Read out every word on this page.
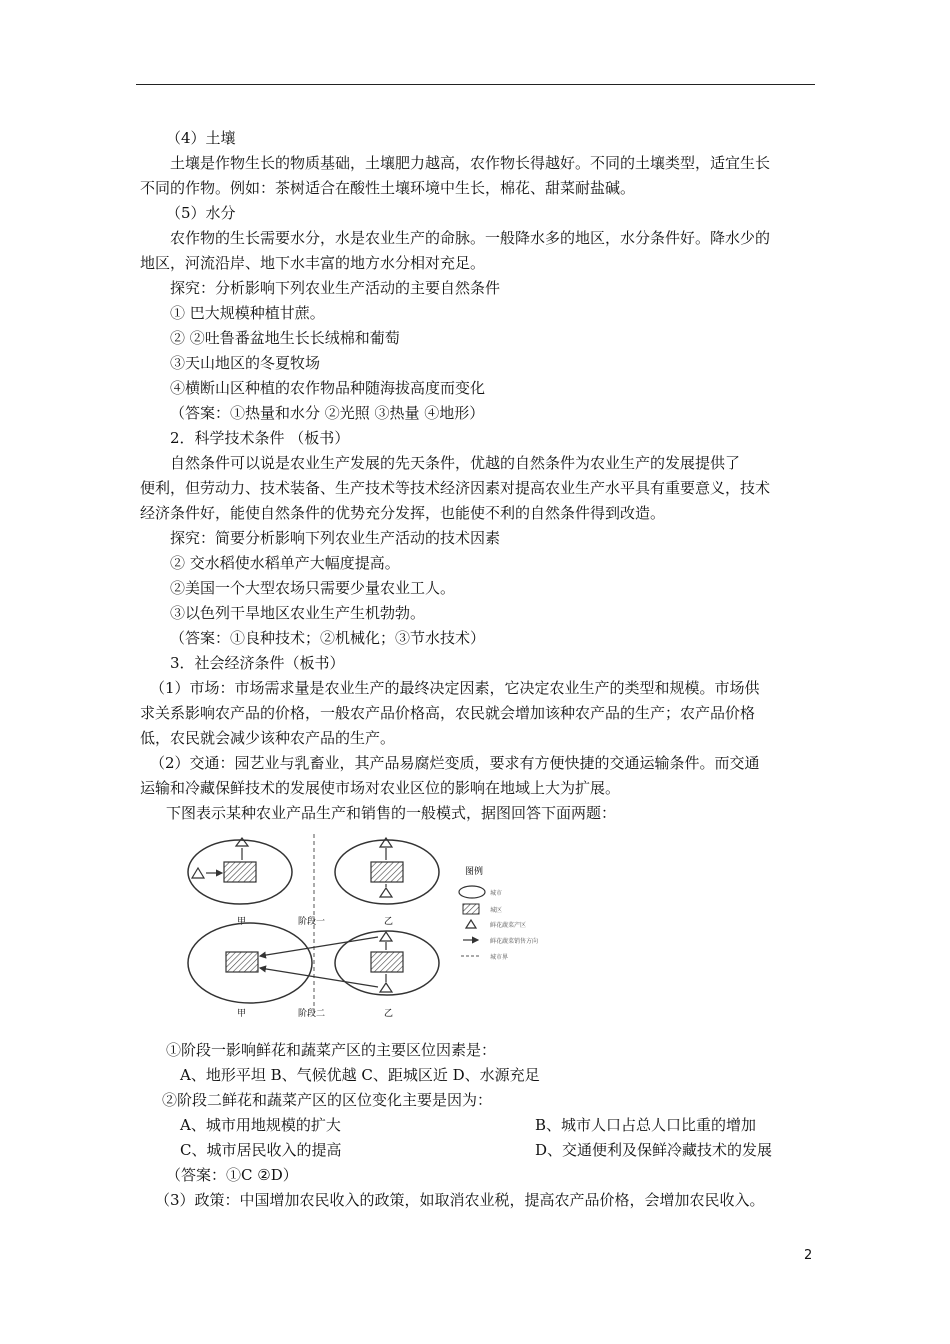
（4）土壤
土壤是作物生长的物质基础，土壤肥力越高，农作物长得越好。不同的土壤类型，适宜生长
不同的作物。例如：茶树适合在酸性土壤环境中生长，棉花、甜菜耐盐碱。
（5）水分
农作物的生长需要水分，水是农业生产的命脉。一般降水多的地区，水分条件好。降水少的
地区，河流沿岸、地下水丰富的地方水分相对充足。
探究：分析影响下列农业生产活动的主要自然条件
① 巴大规模种植甘蔗。
② ②吐鲁番盆地生长长绒棉和葡萄
③天山地区的冬夏牧场
④横断山区种植的农作物品种随海拔高度而变化
（答案：①热量和水分 ②光照 ③热量 ④地形）
2．科学技术条件 （板书）
自然条件可以说是农业生产发展的先天条件，优越的自然条件为农业生产的发展提供了
便利，但劳动力、技术装备、生产技术等技术经济因素对提高农业生产水平具有重要意义，技术
经济条件好，能使自然条件的优势充分发挥，也能使不利的自然条件得到改造。
探究：简要分析影响下列农业生产活动的技术因素
② 交水稻使水稻单产大幅度提高。
②美国一个大型农场只需要少量农业工人。
③以色列干旱地区农业生产生机勃勃。
（答案：①良种技术；②机械化；③节水技术）
3．社会经济条件（板书）
（1）市场：市场需求量是农业生产的最终决定因素，它决定农业生产的类型和规模。市场供
求关系影响农产品的价格，一般农产品价格高，农民就会增加该种农产品的生产；农产品价格
低，农民就会减少该种农产品的生产。
（2）交通：园艺业与乳畜业，其产品易腐烂变质，要求有方便快捷的交通运输条件。而交通
运输和冷藏保鲜技术的发展使市场对农业区位的影响在地域上大为扩展。
下图表示某种农业产品生产和销售的一般模式，据图回答下面两题：
甲	阶段一	乙
甲	阶段二	乙
图例
城市
城区
鲜花蔬菜产区
鲜花蔬菜销售方向
城市界
①阶段一影响鲜花和蔬菜产区的主要区位因素是：
A、地形平坦 B、气候优越 C、距城区近 D、水源充足
②阶段二鲜花和蔬菜产区的区位变化主要是因为：
A、城市用地规模的扩大	B、城市人口占总人口比重的增加
C、城市居民收入的提高	D、交通便利及保鲜冷藏技术的发展
（答案：①C ②D）
（3）政策：中国增加农民收入的政策，如取消农业税，提高农产品价格，会增加农民收入。
2
